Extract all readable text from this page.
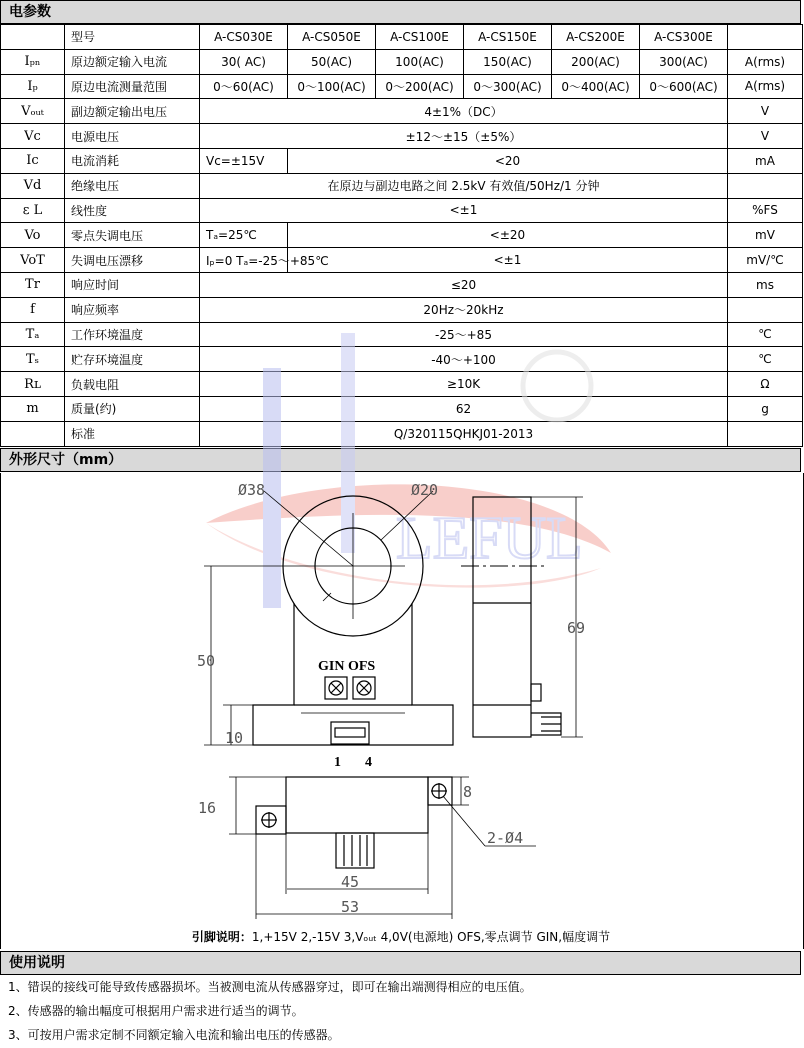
电参数
	型号	A-CS030E	A-CS050E	A-CS100E	A-CS150E	A-CS200E	A-CS300E	
Iₚₙ	原边额定输入电流	30( AC)	50(AC)	100(AC)	150(AC)	200(AC)	300(AC)	A(rms)
Iₚ	原边电流测量范围	0～60(AC)	0～100(AC)	0～200(AC)	0～300(AC)	0～400(AC)	0～600(AC)	A(rms)
Vₒᵤₜ	副边额定输出电压	4±1%（DC）						V
Vc	电源电压	±12～±15（±5%）						V
Ic	电流消耗	Vc=±15V	<20					mA
Vd	绝缘电压	在原边与副边电路之间 2.5kV 有效值/50Hz/1 分钟						
ε L	线性度	<±1						%FS
Vo	零点失调电压	Tₐ=25℃	<±20					mV
VoT	失调电压漂移	Iₚ=0 Tₐ=-25～+85℃	<±1					mV/℃
Tr	响应时间	≤20						ms
f	响应频率	20Hz～20kHz						
Tₐ	工作环境温度	-25～+85						℃
Tₛ	贮存环境温度	-40～+100						℃
Rʟ	负载电阻	≥10K						Ω
m	质量(约)	62						g
	标准	Q/320115QHKJ01-2013						
外形尺寸（mm）
LEFUL
Ø38	Ø20
50
10
69
16
8
45
53
2-Ø4
GIN OFS
1 4
引脚说明：1,+15V 2,-15V 3,Vₒᵤₜ 4,0V(电源地) OFS,零点调节 GIN,幅度调节
使用说明
1、错误的接线可能导致传感器损坏。当被测电流从传感器穿过，即可在输出端测得相应的电压值。
2、传感器的输出幅度可根据用户需求进行适当的调节。
3、可按用户需求定制不同额定输入电流和输出电压的传感器。
